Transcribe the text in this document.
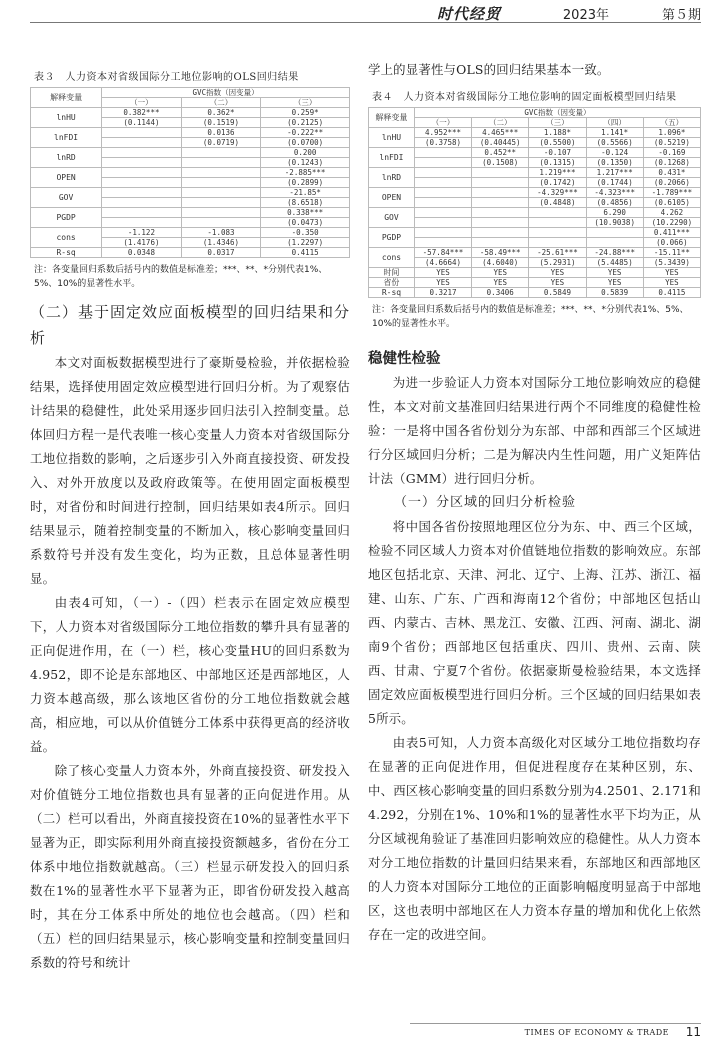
时代经贸	2023年	第５期
表３　人力资本对省级国际分工地位影响的OLS回归结果
解释变量	GVC指数（因变量）		
	（一）	（二）	（三）
lnHU	0.382***	0.362*	0.259*
	(0.1144)	(0.1519)	(0.2125)
lnFDI		0.0136	-0.222**
		(0.0719)	(0.0700)
lnRD			0.200
			(0.1243)
OPEN			-2.885***
			(0.2899)
GOV			-21.85*
			(8.6518)
PGDP			0.338***
			(0.0473)
cons	-1.122	-1.083	-0.350
	(1.4176)	(1.4346)	(1.2297)
R-sq	0.0348	0.0317	0.4115
注：各变量回归系数后括号内的数值是标准差；***、**、*分别代表1%、5%、10%的显著性水平。
（二）基于固定效应面板模型的回归结果和分析

本文对面板数据模型进行了豪斯曼检验，并依据检验结果，选择使用固定效应模型进行回归分析。为了观察估计结果的稳健性，此处采用逐步回归法引入控制变量。总体回归方程一是代表唯一核心变量人力资本对省级国际分工地位指数的影响，之后逐步引入外商直接投资、研发投入、对外开放度以及政府政策等。在使用固定面板模型时，对省份和时间进行控制，回归结果如表4所示。回归结果显示，随着控制变量的不断加入，核心影响变量回归系数符号并没有发生变化，均为正数，且总体显著性明显。

由表4可知，（一）-（四）栏表示在固定效应模型下，人力资本对省级国际分工地位指数的攀升具有显著的正向促进作用，在（一）栏，核心变量HU的回归系数为4.952，即不论是东部地区、中部地区还是西部地区，人力资本越高级，那么该地区省份的分工地位指数就会越高，相应地，可以从价值链分工体系中获得更高的经济收益。

除了核心变量人力资本外，外商直接投资、研发投入对价值链分工地位指数也具有显著的正向促进作用。从（二）栏可以看出，外商直接投资在10%的显著性水平下显著为正，即实际利用外商直接投资额越多，省份在分工体系中地位指数就越高。（三）栏显示研发投入的回归系数在1%的显著性水平下显著为正，即省份研发投入越高时，其在分工体系中所处的地位也会越高。（四）栏和（五）栏的回归结果显示，核心影响变量和控制变量回归系数的符号和统计

学上的显著性与OLS的回归结果基本一致。

表４　人力资本对省级国际分工地位影响的固定面板模型回归结果
解释变量	GVC指数（因变量）				
	（一）	（二）	（三）	（四）	（五）
lnHU	4.952***	4.465***	1.188*	1.141*	1.096*
	(0.3758)	(0.40445)	(0.5500)	(0.5566)	(0.5219)
lnFDI		0.452**	-0.107	-0.124	-0.169
		(0.1508)	(0.1315)	(0.1350)	(0.1268)
lnRD			1.219***	1.217***	0.431*
			(0.1742)	(0.1744)	(0.2066)
OPEN			-4.329***	-4.323***	-1.789***
			(0.4848)	(0.4856)	(0.6105)
GOV				6.290	4.262
				(10.9038)	(10.2290)
PGDP					0.411***
					(0.066)
cons	-57.84***	-58.49***	-25.61***	-24.88***	-15.11**
	(4.6664)	(4.6040)	(5.2931)	(5.4485)	(5.3439)
时间	YES	YES	YES	YES	YES
省份	YES	YES	YES	YES	YES
R-sq	0.3217	0.3406	0.5849	0.5839	0.4115
注：各变量回归系数后括号内的数值是标准差；***、**、*分别代表1%、5%、10%的显著性水平。
稳健性检验

为进一步验证人力资本对国际分工地位影响效应的稳健性，本文对前文基准回归结果进行两个不同维度的稳健性检验：一是将中国各省份划分为东部、中部和西部三个区域进行分区域回归分析；二是为解决内生性问题，用广义矩阵估计法（GMM）进行回归分析。

（一）分区域的回归分析检验

将中国各省份按照地理区位分为东、中、西三个区域，检验不同区域人力资本对价值链地位指数的影响效应。东部地区包括北京、天津、河北、辽宁、上海、江苏、浙江、福建、山东、广东、广西和海南12个省份；中部地区包括山西、内蒙古、吉林、黑龙江、安徽、江西、河南、湖北、湖南9个省份；西部地区包括重庆、四川、贵州、云南、陕西、甘肃、宁夏7个省份。依据豪斯曼检验结果，本文选择固定效应面板模型进行回归分析。三个区域的回归结果如表5所示。

由表5可知，人力资本高级化对区域分工地位指数均存在显著的正向促进作用，但促进程度存在某种区别，东、中、西区核心影响变量的回归系数分别为4.2501、2.171和4.292，分别在1%、10%和1%的显著性水平下均为正，从分区域视角验证了基准回归影响效应的稳健性。从人力资本对分工地位指数的计量回归结果来看，东部地区和西部地区的人力资本对国际分工地位的正面影响幅度明显高于中部地区，这也表明中部地区在人力资本存量的增加和优化上依然存在一定的改进空间。

TIMES OF ECONOMY & TRADE 11
